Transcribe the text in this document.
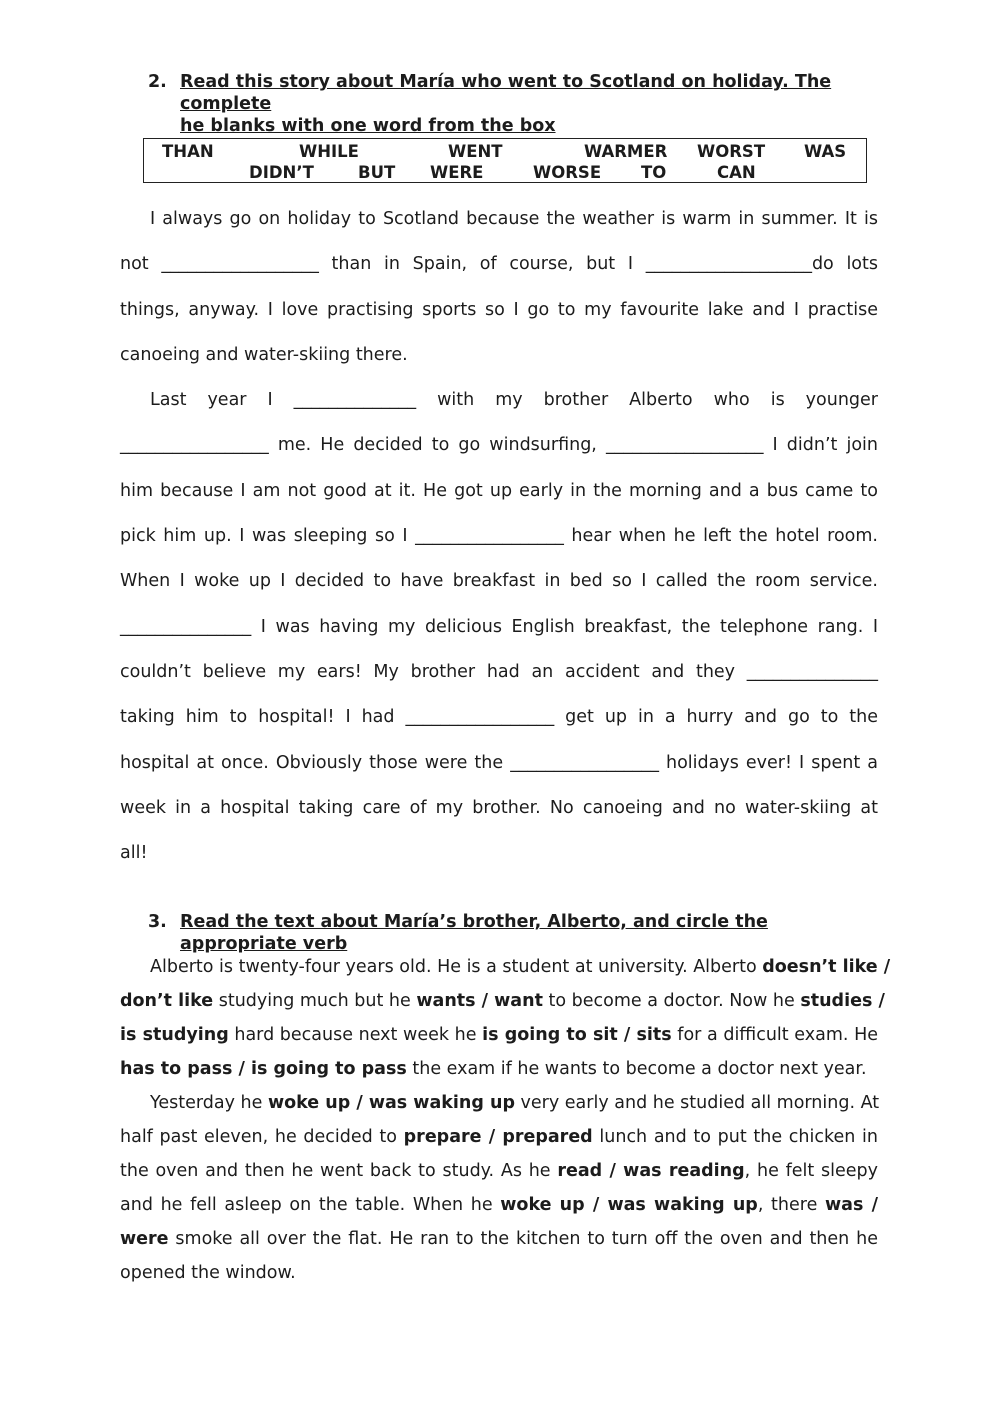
2. Read this story about María who went to Scotland on holiday. The complete
he blanks with one word from the box
THAN	WHILE	WENT	WARMER WORST WAS
DIDN’T	BUT WERE	WORSE TO	CAN
I always go on holiday to Scotland because the weather is warm in summer. It is
not __________________ than in Spain, of course, but I ___________________do lots
things, anyway. I love practising sports so I go to my favourite lake and I practise
canoeing and water-skiing there.
Last year I ______________ with my brother Alberto who is younger
_________________ me. He decided to go windsurfing, __________________ I didn’t join
him because I am not good at it. He got up early in the morning and a bus came to
pick him up. I was sleeping so I _________________ hear when he left the hotel room.
When I woke up I decided to have breakfast in bed so I called the room service.
_______________ I was having my delicious English breakfast, the telephone rang. I
couldn’t believe my ears! My brother had an accident and they _______________
taking him to hospital! I had _________________ get up in a hurry and go to the
hospital at once. Obviously those were the _________________ holidays ever! I spent a
week in a hospital taking care of my brother. No canoeing and no water-skiing at
all!
3. Read the text about María’s brother, Alberto, and circle the appropriate verb
Alberto is twenty-four years old. He is a student at university. Alberto doesn’t like /
don’t like studying much but he wants / want to become a doctor. Now he studies /
is studying hard because next week he is going to sit / sits for a difficult exam. He
has to pass / is going to pass the exam if he wants to become a doctor next year.
Yesterday he woke up / was waking up very early and he studied all morning. At
half past eleven, he decided to prepare / prepared lunch and to put the chicken in
the oven and then he went back to study. As he read / was reading, he felt sleepy
and he fell asleep on the table. When he woke up / was waking up, there was /
were smoke all over the flat. He ran to the kitchen to turn off the oven and then he
opened the window.
